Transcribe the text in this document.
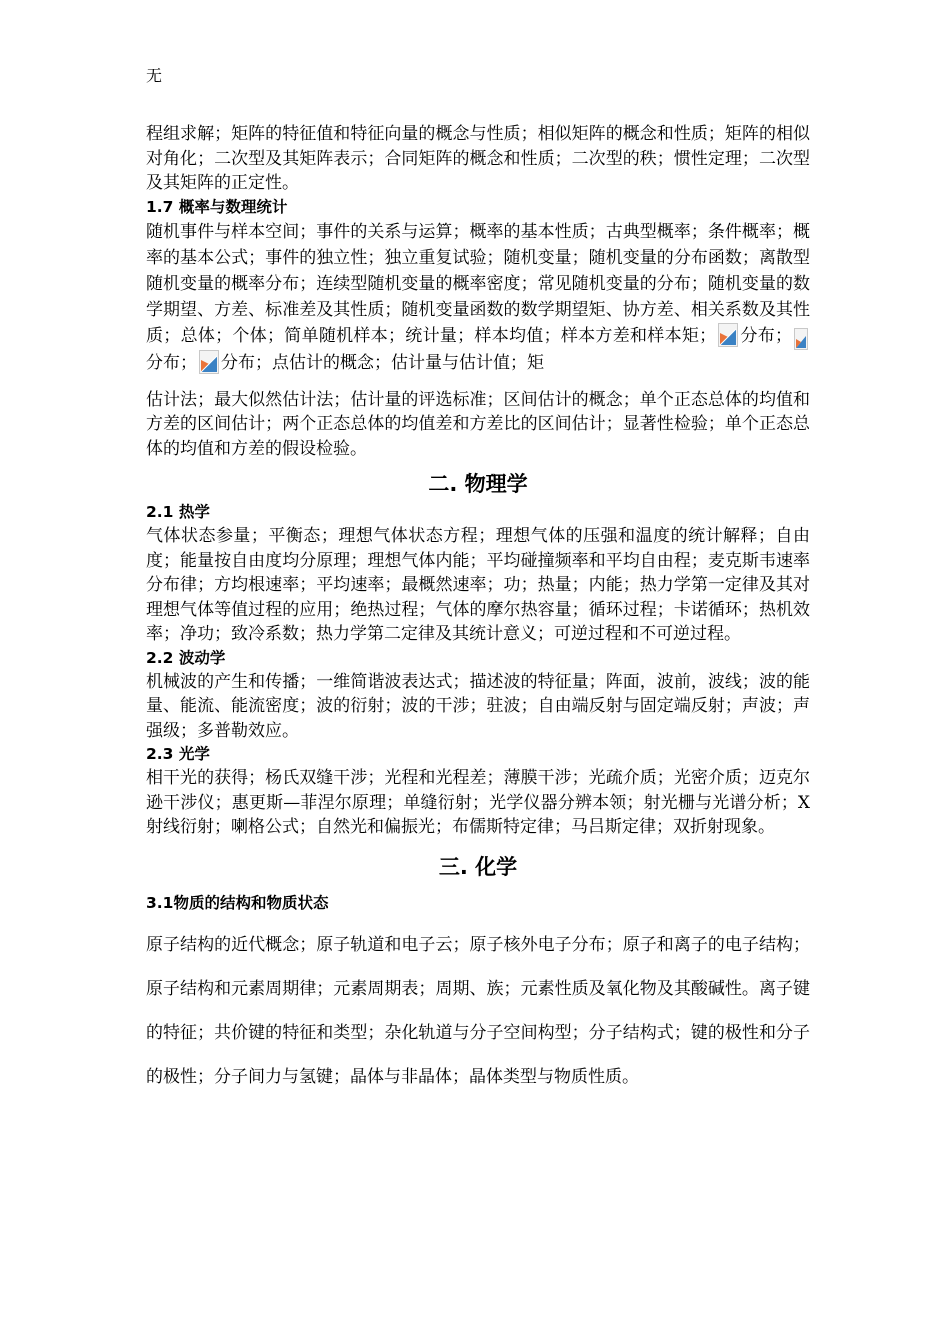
无

程组求解；矩阵的特征值和特征向量的概念与性质；相似矩阵的概念和性质；矩阵的相似对角化；二次型及其矩阵表示；合同矩阵的概念和性质；二次型的秩；惯性定理；二次型及其矩阵的正定性。

1.7 概率与数理统计

随机事件与样本空间；事件的关系与运算；概率的基本性质；古典型概率；条件概率；概率的基本公式；事件的独立性；独立重复试验；随机变量；随机变量的分布函数；离散型随机变量的概率分布；连续型随机变量的概率密度；常见随机变量的分布；随机变量的数学期望、方差、标准差及其性质；随机变量函数的数学期望矩、协方差、相关系数及其性质；总体；个体；简单随机样本；统计量；样本均值；样本方差和样本矩； 分布；
分布； 分布；点估计的概念；估计量与估计值；矩

估计法；最大似然估计法；估计量的评选标准；区间估计的概念；单个正态总体的均值和方差的区间估计；两个正态总体的均值差和方差比的区间估计；显著性检验；单个正态总体的均值和方差的假设检验。

二. 物理学
2.1 热学

气体状态参量；平衡态；理想气体状态方程；理想气体的压强和温度的统计解释；自由度；能量按自由度均分原理；理想气体内能；平均碰撞频率和平均自由程；麦克斯韦速率分布律；方均根速率；平均速率；最概然速率；功；热量；内能；热力学第一定律及其对理想气体等值过程的应用；绝热过程；气体的摩尔热容量；循环过程；卡诺循环；热机效率；净功；致冷系数；热力学第二定律及其统计意义；可逆过程和不可逆过程。

2.2 波动学

机械波的产生和传播；一维简谐波表达式；描述波的特征量；阵面，波前，波线；波的能量、能流、能流密度；波的衍射；波的干涉；驻波；自由端反射与固定端反射；声波；声强级；多普勒效应。

2.3 光学

相干光的获得；杨氏双缝干涉；光程和光程差；薄膜干涉；光疏介质；光密介质；迈克尔逊干涉仪；惠更斯—菲涅尔原理；单缝衍射；光学仪器分辨本领；射光栅与光谱分析；X射线衍射；喇格公式；自然光和偏振光；布儒斯特定律；马吕斯定律；双折射现象。

三. 化学
3.1物质的结构和物质状态

原子结构的近代概念；原子轨道和电子云；原子核外电子分布；原子和离子的电子结构；原子结构和元素周期律；元素周期表；周期、族；元素性质及氧化物及其酸碱性。离子键的特征；共价键的特征和类型；杂化轨道与分子空间构型；分子结构式；键的极性和分子的极性；分子间力与氢键；晶体与非晶体；晶体类型与物质性质。
